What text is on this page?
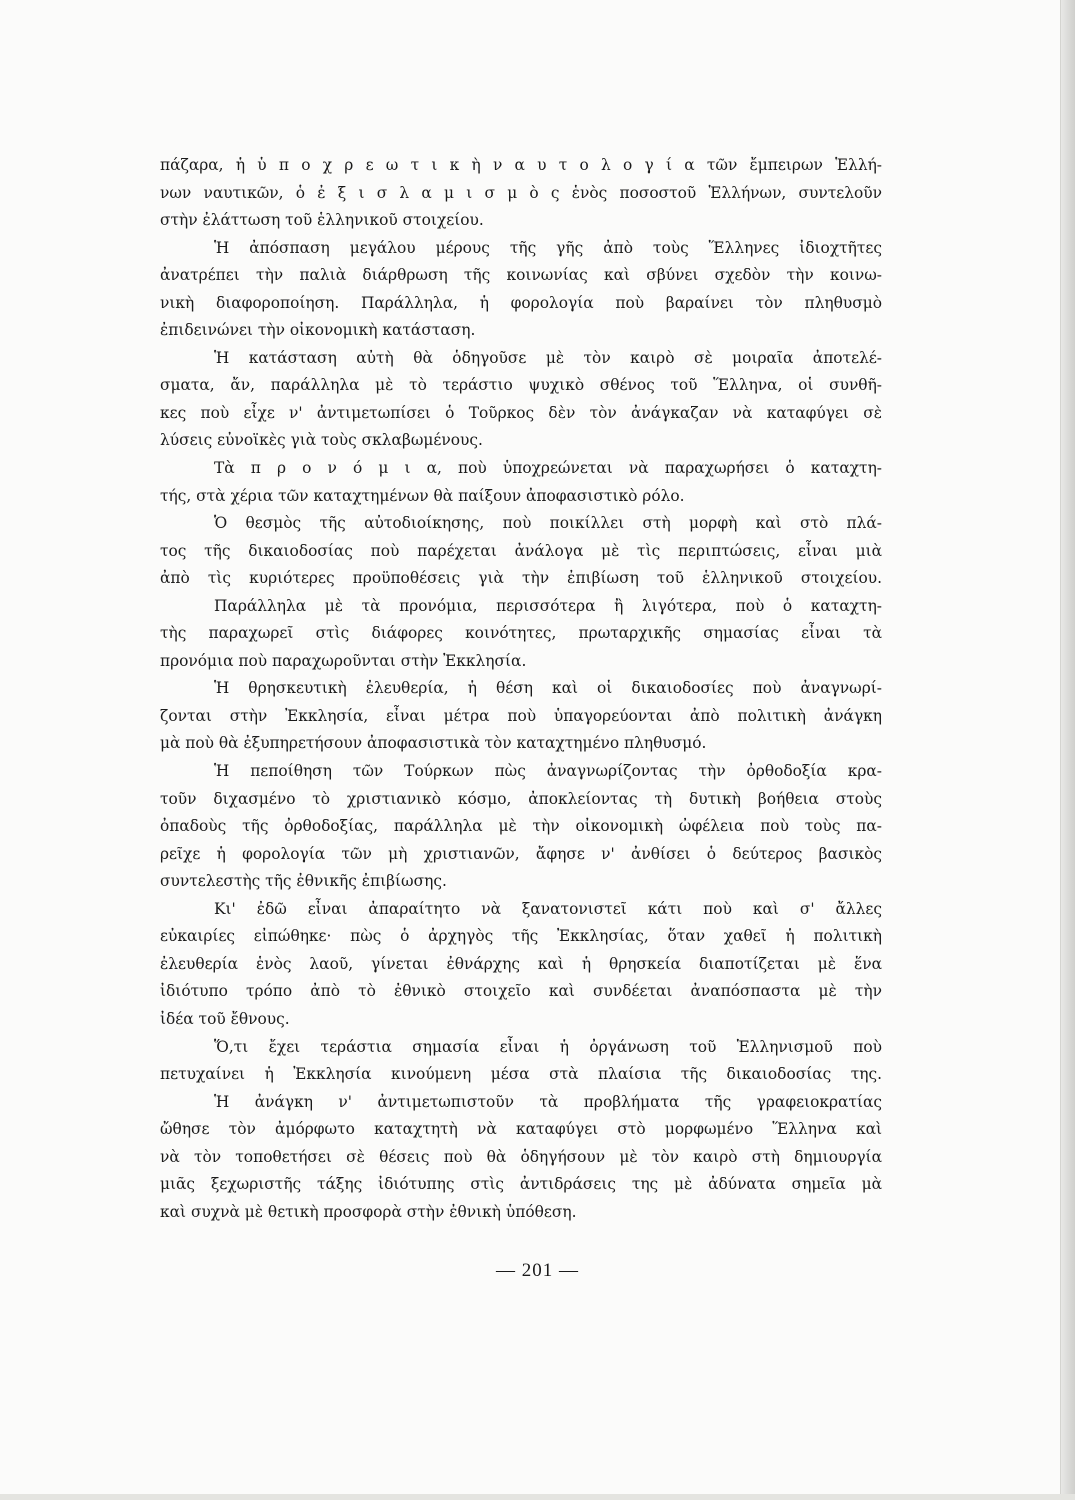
πάζαρα, ἡ ὑ π ο χ ρ ε ω τ ι κ ὴ ν α υ τ ο λ ο γ ί α τῶν ἔμπειρων Ἑλλή-
νων ναυτικῶν, ὁ ἐ ξ ι σ λ α μ ι σ μ ὸ ς ἑνὸς ποσοστοῦ Ἑλλήνων, συντελοῦν
στὴν ἐλάττωση τοῦ ἑλληνικοῦ στοιχείου.
Ἡ ἀπόσπαση μεγάλου μέρους τῆς γῆς ἀπὸ τοὺς Ἕλληνες ἰδιοχτῆτες
ἀνατρέπει τὴν παλιὰ διάρθρωση τῆς κοινωνίας καὶ σβύνει σχεδὸν τὴν κοινω-
νικὴ διαφοροποίηση. Παράλληλα, ἡ φορολογία ποὺ βαραίνει τὸν πληθυσμὸ
ἐπιδεινώνει τὴν οἰκονομικὴ κατάσταση.
Ἡ κατάσταση αὐτὴ θὰ ὁδηγοῦσε μὲ τὸν καιρὸ σὲ μοιραῖα ἀποτελέ-
σματα, ἄν, παράλληλα μὲ τὸ τεράστιο ψυχικὸ σθένος τοῦ Ἕλληνα, οἱ συνθῆ-
κες ποὺ εἶχε ν' ἀντιμετωπίσει ὁ Τοῦρκος δὲν τὸν ἀνάγκαζαν νὰ καταφύγει σὲ
λύσεις εὐνοϊκὲς γιὰ τοὺς σκλαβωμένους.
Τὰ π ρ ο ν ό μ ι α, ποὺ ὑποχρεώνεται νὰ παραχωρήσει ὁ καταχτη-
τής, στὰ χέρια τῶν καταχτημένων θὰ παίξουν ἀποφασιστικὸ ρόλο.
Ὁ θεσμὸς τῆς αὐτοδιοίκησης, ποὺ ποικίλλει στὴ μορφὴ καὶ στὸ πλά-
τος τῆς δικαιοδοσίας ποὺ παρέχεται ἀνάλογα μὲ τὶς περιπτώσεις, εἶναι μιὰ
ἀπὸ τὶς κυριότερες προϋποθέσεις γιὰ τὴν ἐπιβίωση τοῦ ἑλληνικοῦ στοιχείου.
Παράλληλα μὲ τὰ προνόμια, περισσότερα ἢ λιγότερα, ποὺ ὁ καταχτη-
τὴς παραχωρεῖ στὶς διάφορες κοινότητες, πρωταρχικῆς σημασίας εἶναι τὰ
προνόμια ποὺ παραχωροῦνται στὴν Ἐκκλησία.
Ἡ θρησκευτικὴ ἐλευθερία, ἡ θέση καὶ οἱ δικαιοδοσίες ποὺ ἀναγνωρί-
ζονται στὴν Ἐκκλησία, εἶναι μέτρα ποὺ ὑπαγορεύονται ἀπὸ πολιτικὴ ἀνάγκη
μὰ ποὺ θὰ ἐξυπηρετήσουν ἀποφασιστικὰ τὸν καταχτημένο πληθυσμό.
Ἡ πεποίθηση τῶν Τούρκων πὼς ἀναγνωρίζοντας τὴν ὀρθοδοξία κρα-
τοῦν διχασμένο τὸ χριστιανικὸ κόσμο, ἀποκλείοντας τὴ δυτικὴ βοήθεια στοὺς
ὀπαδοὺς τῆς ὀρθοδοξίας, παράλληλα μὲ τὴν οἰκονομικὴ ὠφέλεια ποὺ τοὺς πα-
ρεῖχε ἡ φορολογία τῶν μὴ χριστιανῶν, ἄφησε ν' ἀνθίσει ὁ δεύτερος βασικὸς
συντελεστὴς τῆς ἐθνικῆς ἐπιβίωσης.
Κι' ἐδῶ εἶναι ἀπαραίτητο νὰ ξανατονιστεῖ κάτι ποὺ καὶ σ' ἄλλες
εὐκαιρίες εἰπώθηκε· πὼς ὁ ἀρχηγὸς τῆς Ἐκκλησίας, ὅταν χαθεῖ ἡ πολιτικὴ
ἐλευθερία ἑνὸς λαοῦ, γίνεται ἐθνάρχης καὶ ἡ θρησκεία διαποτίζεται μὲ ἕνα
ἰδιότυπο τρόπο ἀπὸ τὸ ἐθνικὸ στοιχεῖο καὶ συνδέεται ἀναπόσπαστα μὲ τὴν
ἰδέα τοῦ ἔθνους.
Ὅ,τι ἔχει τεράστια σημασία εἶναι ἡ ὀργάνωση τοῦ Ἑλληνισμοῦ ποὺ
πετυχαίνει ἡ Ἐκκλησία κινούμενη μέσα στὰ πλαίσια τῆς δικαιοδοσίας της.
Ἡ ἀνάγκη ν' ἀντιμετωπιστοῦν τὰ προβλήματα τῆς γραφειοκρατίας
ὤθησε τὸν ἀμόρφωτο καταχτητὴ νὰ καταφύγει στὸ μορφωμένο Ἕλληνα καὶ
νὰ τὸν τοποθετήσει σὲ θέσεις ποὺ θὰ ὁδηγήσουν μὲ τὸν καιρὸ στὴ δημιουργία
μιᾶς ξεχωριστῆς τάξης ἰδιότυπης στὶς ἀντιδράσεις της μὲ ἀδύνατα σημεῖα μὰ
καὶ συχνὰ μὲ θετικὴ προσφορὰ στὴν ἐθνικὴ ὑπόθεση.
— 201 —
